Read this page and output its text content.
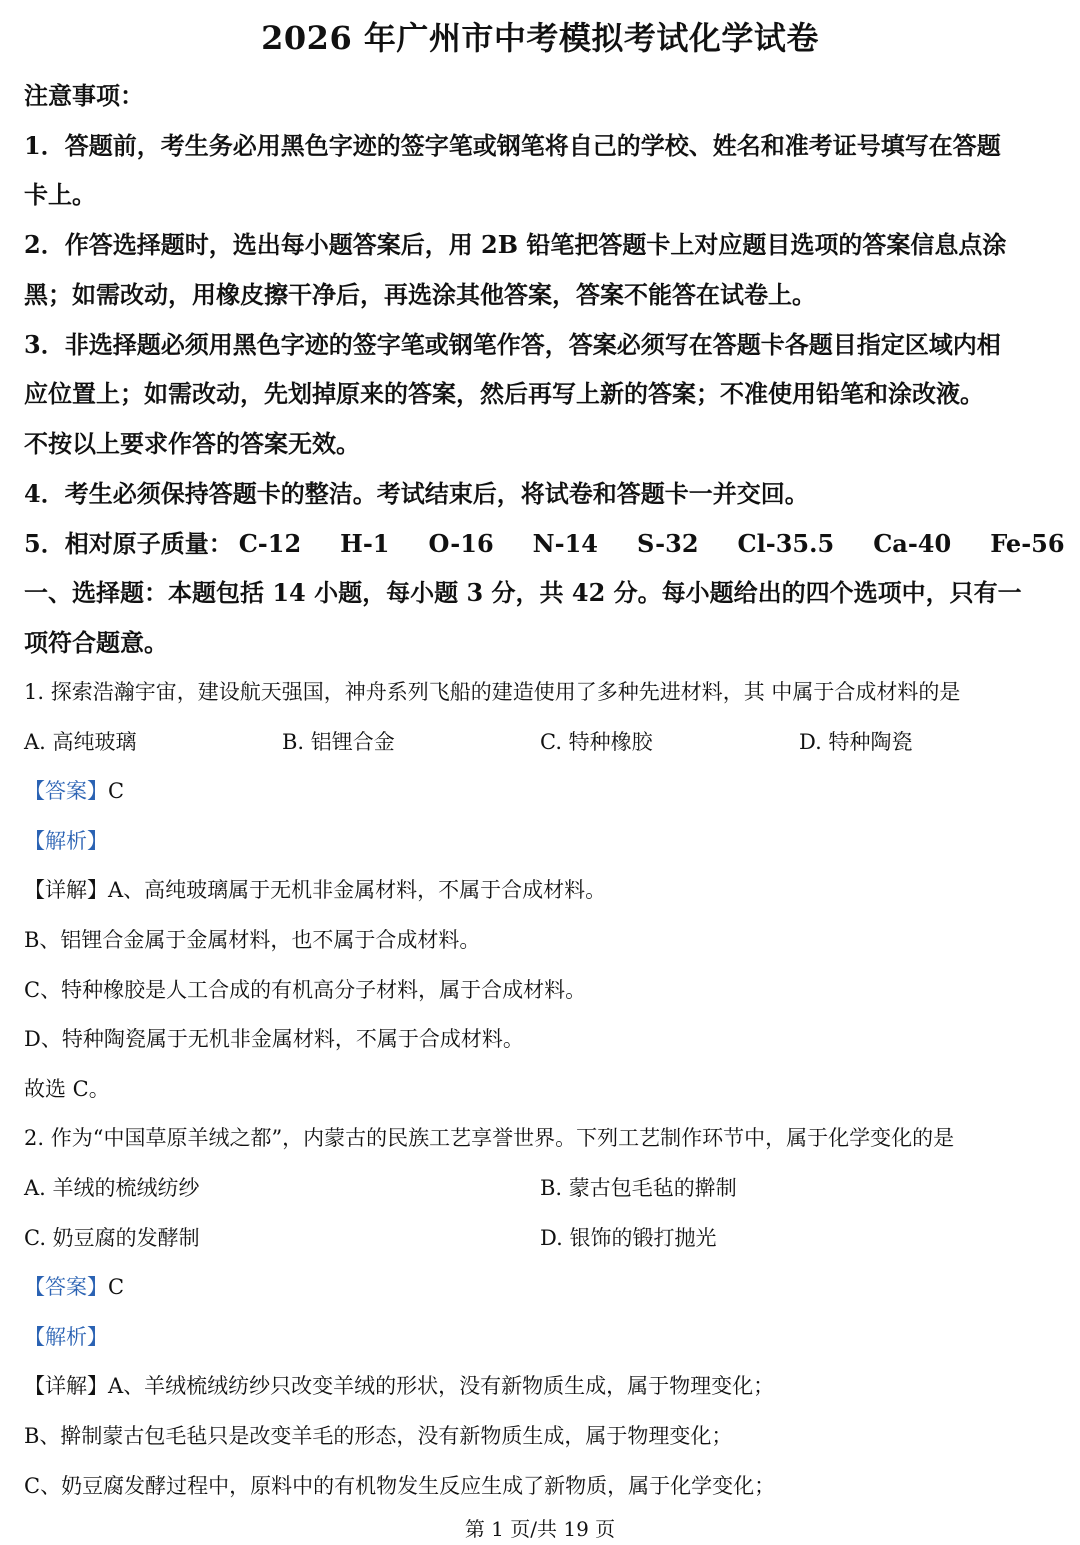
2026 年广州市中考模拟考试化学试卷
注意事项：
1．答题前，考生务必用黑色字迹的签字笔或钢笔将自己的学校、姓名和准考证号填写在答题
卡上。
2．作答选择题时，选出每小题答案后，用 2B 铅笔把答题卡上对应题目选项的答案信息点涂
黑；如需改动，用橡皮擦干净后，再选涂其他答案，答案不能答在试卷上。
3．非选择题必须用黑色字迹的签字笔或钢笔作答，答案必须写在答题卡各题目指定区域内相
应位置上；如需改动，先划掉原来的答案，然后再写上新的答案；不准使用铅笔和涂改液。
不按以上要求作答的答案无效。
4．考生必须保持答题卡的整洁。考试结束后，将试卷和答题卡一并交回。
5．相对原子质量： C-12 H-1 O-16 N-14 S-32 Cl-35.5 Ca-40 Fe-56
一、选择题：本题包括 14 小题，每小题 3 分，共 42 分。每小题给出的四个选项中，只有一
项符合题意。
1. 探索浩瀚宇宙，建设航天强国，神舟系列飞船的建造使用了多种先进材料，其 中属于合成材料的是
A. 高纯玻璃	B. 铝锂合金	C. 特种橡胶	D. 特种陶瓷
【答案】C
【解析】
【详解】A、高纯玻璃属于无机非金属材料，不属于合成材料。
B、铝锂合金属于金属材料，也不属于合成材料。
C、特种橡胶是人工合成的有机高分子材料，属于合成材料。
D、特种陶瓷属于无机非金属材料，不属于合成材料。
故选 C。
2. 作为“中国草原羊绒之都”，内蒙古的民族工艺享誉世界。下列工艺制作环节中，属于化学变化的是
A. 羊绒的梳绒纺纱	B. 蒙古包毛毡的擀制
C. 奶豆腐的发酵制	D. 银饰的锻打抛光
【答案】C
【解析】
【详解】A、羊绒梳绒纺纱只改变羊绒的形状，没有新物质生成，属于物理变化；
B、擀制蒙古包毛毡只是改变羊毛的形态，没有新物质生成，属于物理变化；
C、奶豆腐发酵过程中，原料中的有机物发生反应生成了新物质，属于化学变化；
第 1 页/共 19 页
